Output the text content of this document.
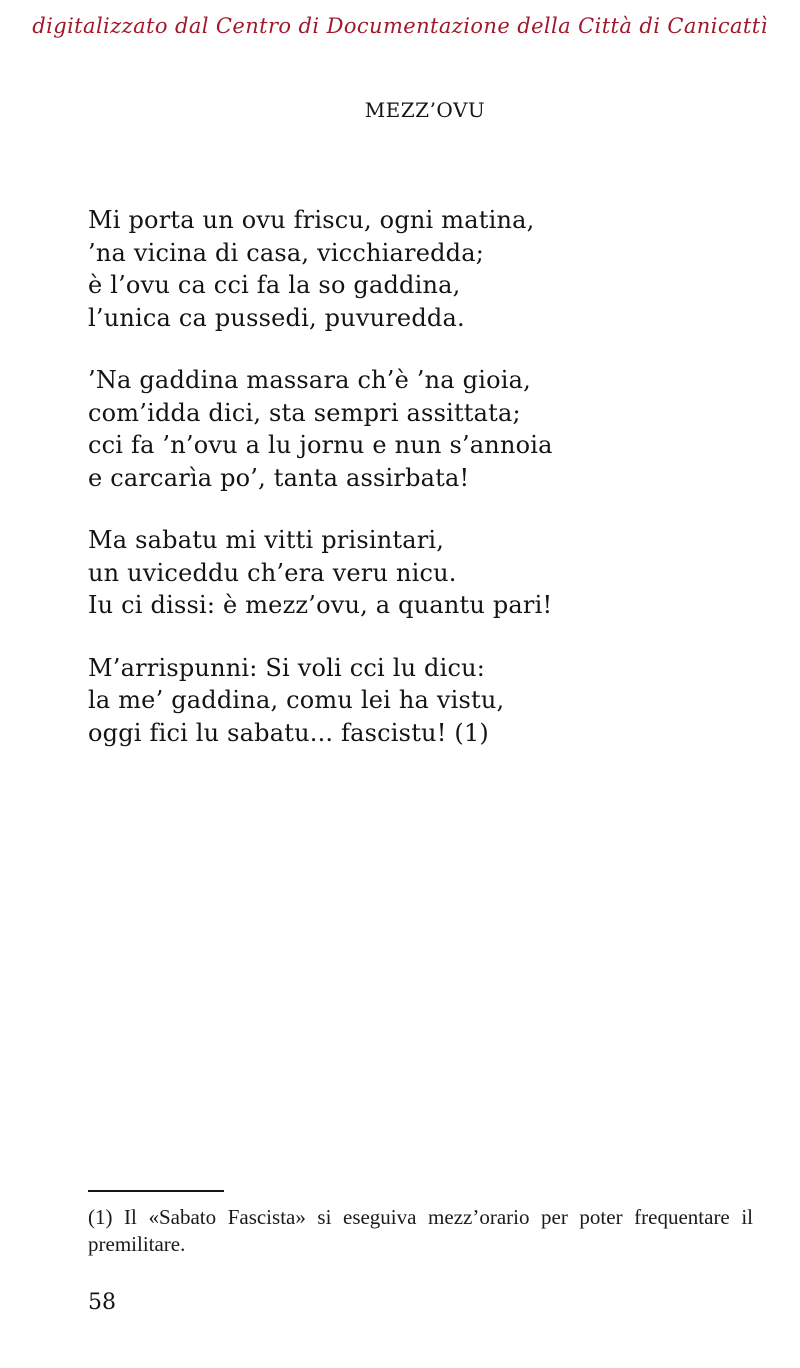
digitalizzato dal Centro di Documentazione della Città di Canicattì
MEZZ’OVU
Mi porta un ovu friscu, ogni matina,
’na vicina di casa, vicchiaredda;
è l’ovu ca cci fa la so gaddina,
l’unica ca pussedi, puvuredda.
’Na gaddina massara ch’è ’na gioia,
com’idda dici, sta sempri assittata;
cci fa ’n’ovu a lu jornu e nun s’annoia
e carcarìa po’, tanta assirbata!
Ma sabatu mi vitti prisintari,
un uviceddu ch’era veru nicu.
Iu ci dissi: è mezz’ovu, a quantu pari!
M’arrispunni: Si voli cci lu dicu:
la me’ gaddina, comu lei ha vistu,
oggi fici lu sabatu... fascistu! (1)
(1) Il «Sabato Fascista» si eseguiva mezz’orario per poter frequentare il premilitare.
58
